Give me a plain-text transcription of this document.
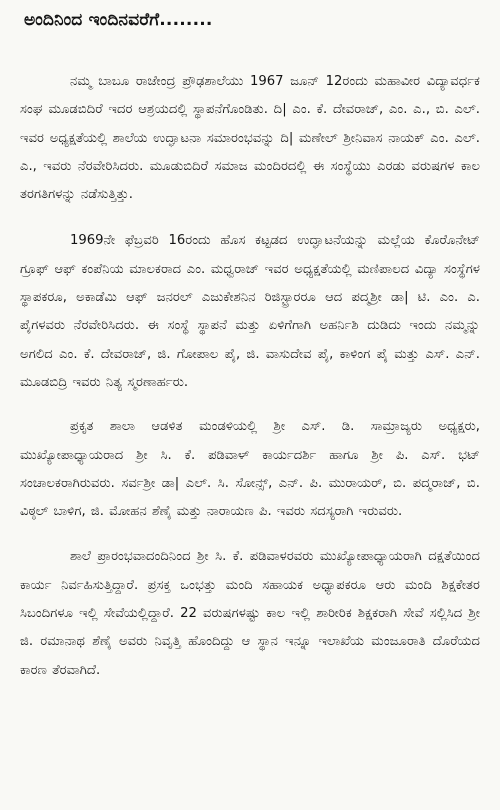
ಅಂದಿನಿಂದ ಇಂದಿನವರೆಗೆ........

ನಮ್ಮ ಬಾಬೂ ರಾಜೇಂದ್ರ ಪ್ರೌಢಶಾಲೆಯು 1967 ಜೂನ್ 12ರಂದು ಮಹಾವೀರ ವಿದ್ಯಾವರ್ಧಕ ಸಂಘ ಮೂಡಬಿದಿರೆ ಇದರ ಆಶ್ರಯದಲ್ಲಿ ಸ್ಥಾಪನೆಗೊಂಡಿತು. ದಿ| ಎಂ. ಕೆ. ದೇವರಾಜ್, ಎಂ. ಎ., ಬಿ. ಎಲ್. ಇವರ ಅಧ್ಯಕ್ಷತೆಯಲ್ಲಿ ಶಾಲೆಯ ಉದ್ಘಾಟನಾ ಸಮಾರಂಭವನ್ನು ದಿ| ಮಣೇಲ್ ಶ್ರೀನಿವಾಸ ನಾಯಕ್ ಎಂ. ಎಲ್. ಎ., ಇವರು ನೆರವೇರಿಸಿದರು. ಮೂಡುಬಿದಿರೆ ಸಮಾಜ ಮಂದಿರದಲ್ಲಿ ಈ ಸಂಸ್ಥೆಯು ಎರಡು ವರುಷಗಳ ಕಾಲ ತರಗತಿಗಳನ್ನು ನಡೆಸುತ್ತಿತ್ತು.

1969ನೇ ಫೆಬ್ರವರಿ 16ರಂದು ಹೊಸ ಕಟ್ಟಡದ ಉದ್ಘಾಟನೆಯನ್ನು ಮಲ್ಲೆಯ ಕೊರೊನೇಟ್ ಗ್ರೂಫ್ ಆಫ್ ಕಂಪೆನಿಯ ಮಾಲಕರಾದ ಎಂ. ಮಧ್ವರಾಜ್ ಇವರ ಅಧ್ಯಕ್ಷತೆಯಲ್ಲಿ ಮಣಿಪಾಲದ ವಿದ್ಯಾ ಸಂಸ್ಥೆಗಳ ಸ್ಥಾಪಕರೂ, ಅಕಾಡೆಮಿ ಆಫ್ ಜನರಲ್ ಎಜುಕೇಶನಿನ ರಿಜಿಸ್ಟ್ರಾರರೂ ಆದ ಪದ್ಮಶ್ರೀ ಡಾ| ಟಿ. ಎಂ. ಎ. ಪೈಗಳವರು ನೆರವೇರಿಸಿದರು. ಈ ಸಂಸ್ಥೆ ಸ್ಥಾಪನೆ ಮತ್ತು ಏಳಿಗೆಗಾಗಿ ಅಹರ್ನಿಶಿ ದುಡಿದು ಇಂದು ನಮ್ಮನ್ನು ಅಗಲಿದ ಎಂ. ಕೆ. ದೇವರಾಜ್, ಜಿ. ಗೋಪಾಲ ಪೈ, ಜಿ. ವಾಸುದೇವ ಪೈ, ಕಾಳಿಂಗ ಪೈ ಮತ್ತು ಎಸ್. ಎನ್. ಮೂಡಬಿದ್ರಿ ಇವರು ನಿತ್ಯ ಸ್ಮರಣಾರ್ಹರು.

ಪ್ರಕೃತ ಶಾಲಾ ಆಡಳಿತ ಮಂಡಳಿಯಲ್ಲಿ ಶ್ರೀ ಎಸ್. ಡಿ. ಸಾಮ್ರಾಜ್ಯರು ಅಧ್ಯಕ್ಷರು, ಮುಖ್ಯೋಪಾಧ್ಯಾಯರಾದ ಶ್ರೀ ಸಿ. ಕೆ. ಪಡಿವಾಳ್ ಕಾರ್ಯದರ್ಶಿ ಹಾಗೂ ಶ್ರೀ ಪಿ. ಎಸ್. ಭಟ್ ಸಂಚಾಲಕರಾಗಿರುವರು. ಸರ್ವಶ್ರೀ ಡಾ| ಎಲ್. ಸಿ. ಸೋನ್ಸ್, ಎನ್. ಪಿ. ಮುರಾಯರ್, ಬಿ. ಪದ್ಮರಾಜ್, ಬಿ. ವಿಠ್ಠಲ್ ಬಾಳಿಗ, ಜಿ. ಮೋಹನ ಶೆಣೈ ಮತ್ತು ನಾರಾಯಣ ಪಿ. ಇವರು ಸದಸ್ಯರಾಗಿ ಇರುವರು.

ಶಾಲೆ ಪ್ರಾರಂಭವಾದಂದಿನಿಂದ ಶ್ರೀ ಸಿ. ಕೆ. ಪಡಿವಾಳರವರು ಮುಖ್ಯೋಪಾಧ್ಯಾಯರಾಗಿ ದಕ್ಷತೆಯಿಂದ ಕಾರ್ಯ ನಿರ್ವಹಿಸುತ್ತಿದ್ದಾರೆ. ಪ್ರಸಕ್ತ ಒಂಭತ್ತು ಮಂದಿ ಸಹಾಯಕ ಅಧ್ಯಾಪಕರೂ ಆರು ಮಂದಿ ಶಿಕ್ಷಕೇತರ ಸಿಬಂದಿಗಳೂ ಇಲ್ಲಿ ಸೇವೆಯಲ್ಲಿದ್ದಾರೆ. 22 ವರುಷಗಳಷ್ಟು ಕಾಲ ಇಲ್ಲಿ ಶಾರೀರಿಕ ಶಿಕ್ಷಕರಾಗಿ ಸೇವೆ ಸಲ್ಲಿಸಿದ ಶ್ರೀ ಜಿ. ರಮಾನಾಥ ಶೆಣೈ ಅವರು ನಿವೃತ್ತಿ ಹೊಂದಿದ್ದು ಆ ಸ್ಥಾನ ಇನ್ನೂ ಇಲಾಖೆಯ ಮಂಜೂರಾತಿ ದೊರೆಯದ ಕಾರಣ ತೆರವಾಗಿದೆ.
